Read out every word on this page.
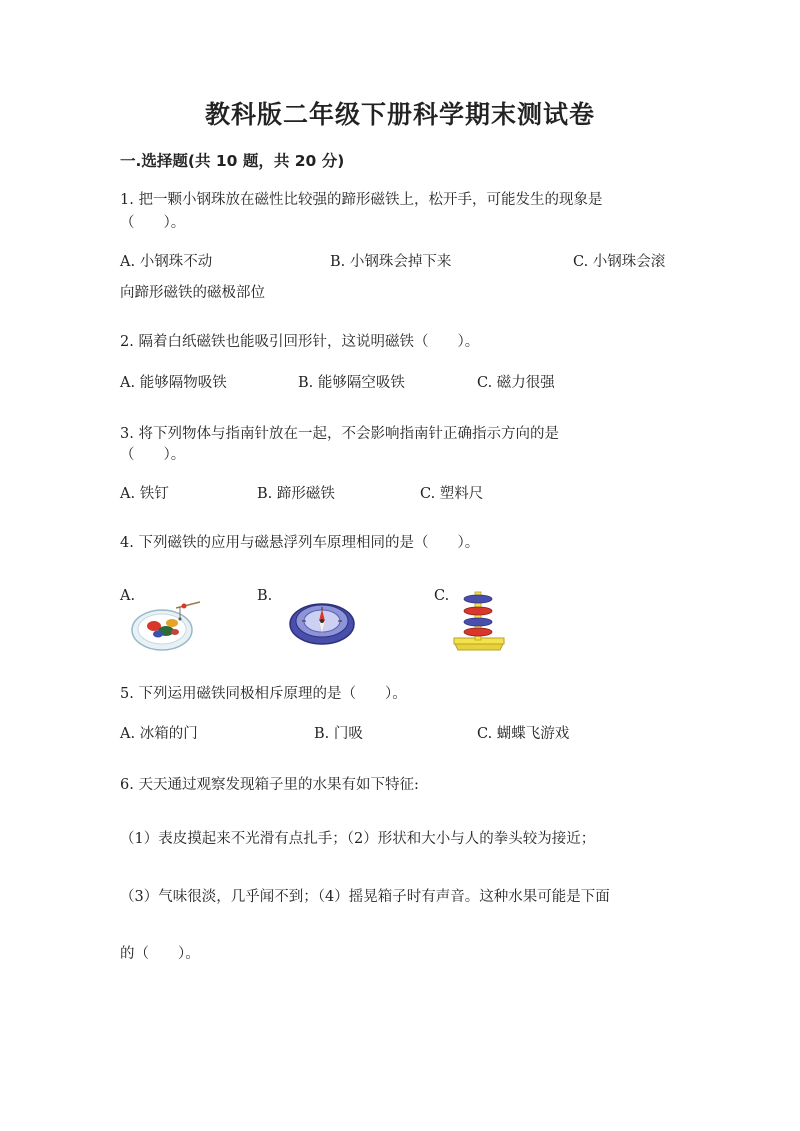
教科版二年级下册科学期末测试卷
一.选择题(共 10 题，共 20 分)
1. 把一颗小钢珠放在磁性比较强的蹄形磁铁上，松开手，可能发生的现象是
（　　）。
A. 小钢珠不动	B. 小钢珠会掉下来	C. 小钢珠会滚
向蹄形磁铁的磁极部位
2. 隔着白纸磁铁也能吸引回形针，这说明磁铁（　　）。
A. 能够隔物吸铁	B. 能够隔空吸铁	C. 磁力很强
3. 将下列物体与指南针放在一起，不会影响指南针正确指示方向的是
（　　）。
A. 铁钉	B. 蹄形磁铁	C. 塑料尺
4. 下列磁铁的应用与磁悬浮列车原理相同的是（　　）。
A.	B.	C.
5. 下列运用磁铁同极相斥原理的是（　　）。
A. 冰箱的门	B. 门吸	C. 蝴蝶飞游戏
6. 天天通过观察发现箱子里的水果有如下特征:
（1）表皮摸起来不光滑有点扎手；（2）形状和大小与人的拳头较为接近；
（3）气味很淡，几乎闻不到；（4）摇晃箱子时有声音。这种水果可能是下面
的（　　）。
